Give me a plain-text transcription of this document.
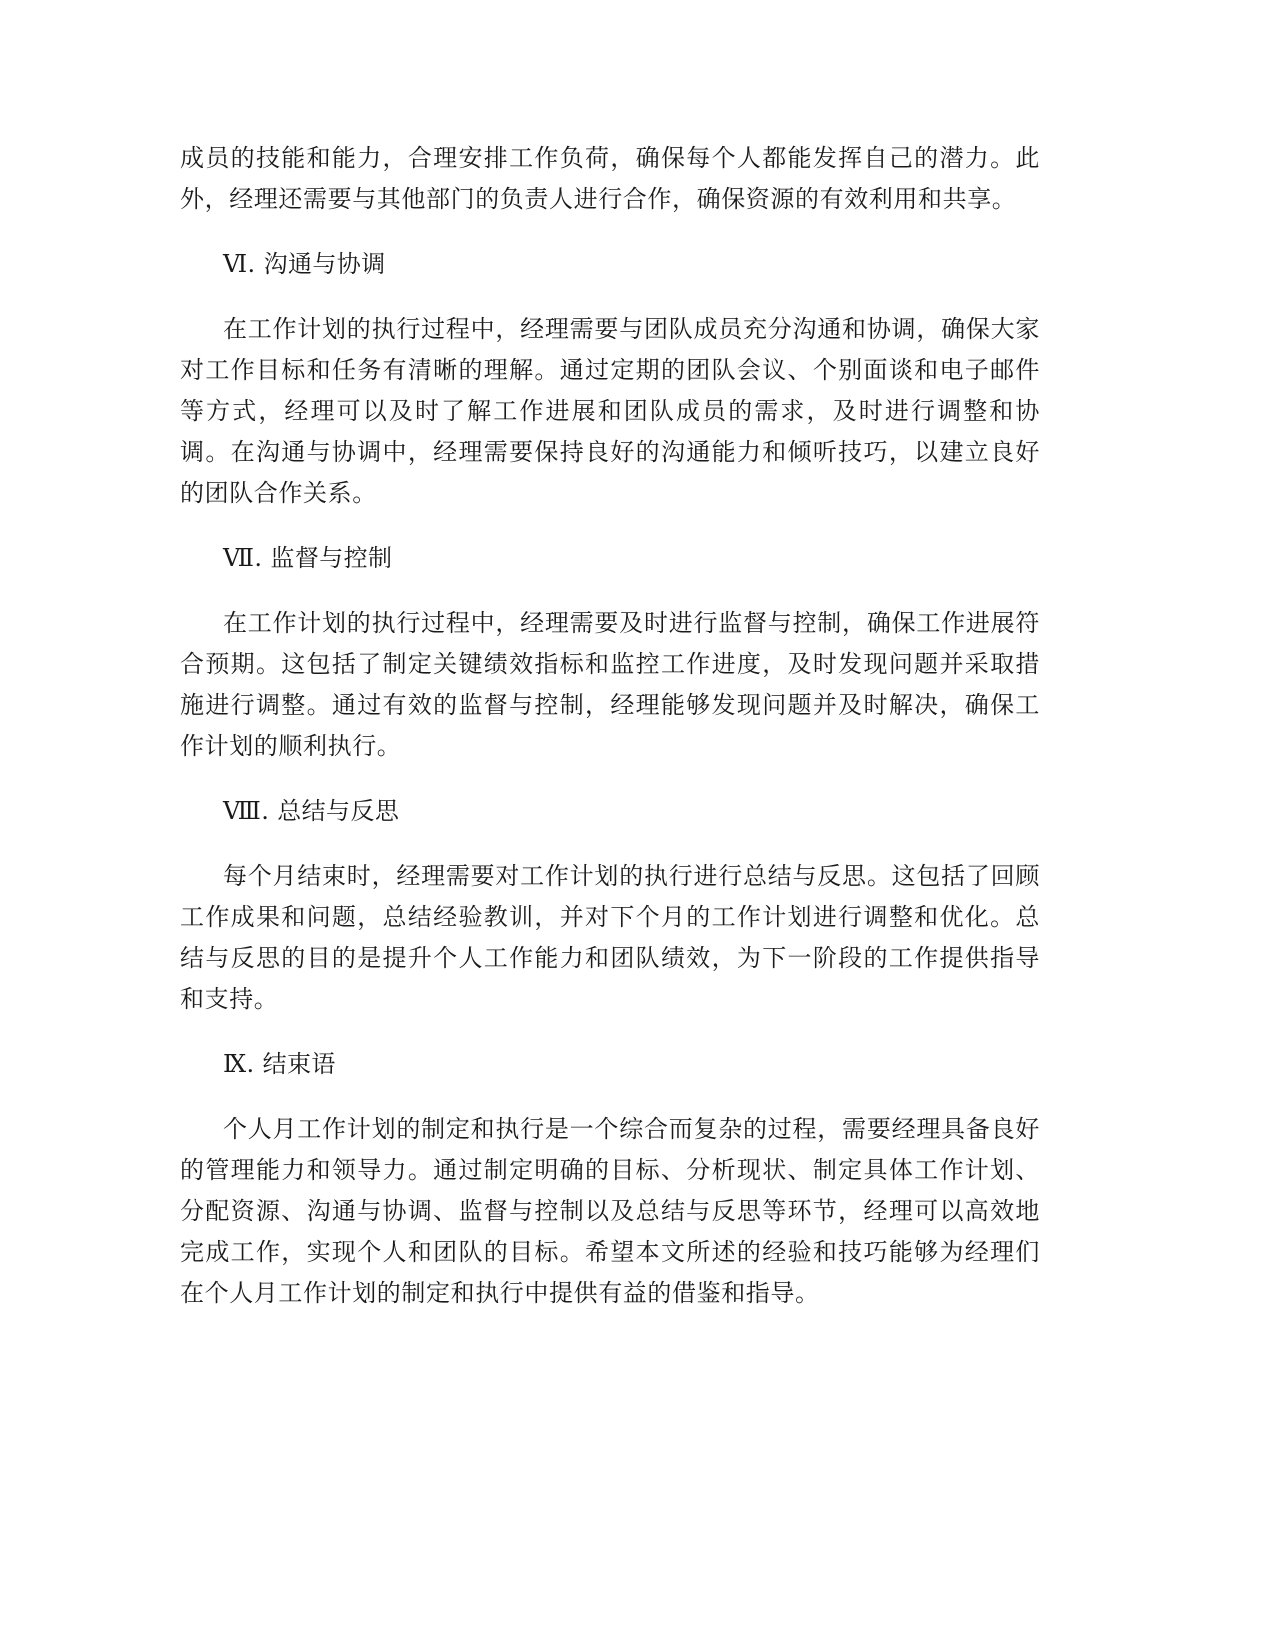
成员的技能和能力，合理安排工作负荷，确保每个人都能发挥自己的潜力。此外，经理还需要与其他部门的负责人进行合作，确保资源的有效利用和共享。

Ⅵ. 沟通与协调

在工作计划的执行过程中，经理需要与团队成员充分沟通和协调，确保大家对工作目标和任务有清晰的理解。通过定期的团队会议、个别面谈和电子邮件等方式，经理可以及时了解工作进展和团队成员的需求，及时进行调整和协调。在沟通与协调中，经理需要保持良好的沟通能力和倾听技巧，以建立良好的团队合作关系。

Ⅶ. 监督与控制

在工作计划的执行过程中，经理需要及时进行监督与控制，确保工作进展符合预期。这包括了制定关键绩效指标和监控工作进度，及时发现问题并采取措施进行调整。通过有效的监督与控制，经理能够发现问题并及时解决，确保工作计划的顺利执行。

Ⅷ. 总结与反思

每个月结束时，经理需要对工作计划的执行进行总结与反思。这包括了回顾工作成果和问题，总结经验教训，并对下个月的工作计划进行调整和优化。总结与反思的目的是提升个人工作能力和团队绩效，为下一阶段的工作提供指导和支持。

Ⅸ. 结束语

个人月工作计划的制定和执行是一个综合而复杂的过程，需要经理具备良好的管理能力和领导力。通过制定明确的目标、分析现状、制定具体工作计划、分配资源、沟通与协调、监督与控制以及总结与反思等环节，经理可以高效地完成工作，实现个人和团队的目标。希望本文所述的经验和技巧能够为经理们在个人月工作计划的制定和执行中提供有益的借鉴和指导。
